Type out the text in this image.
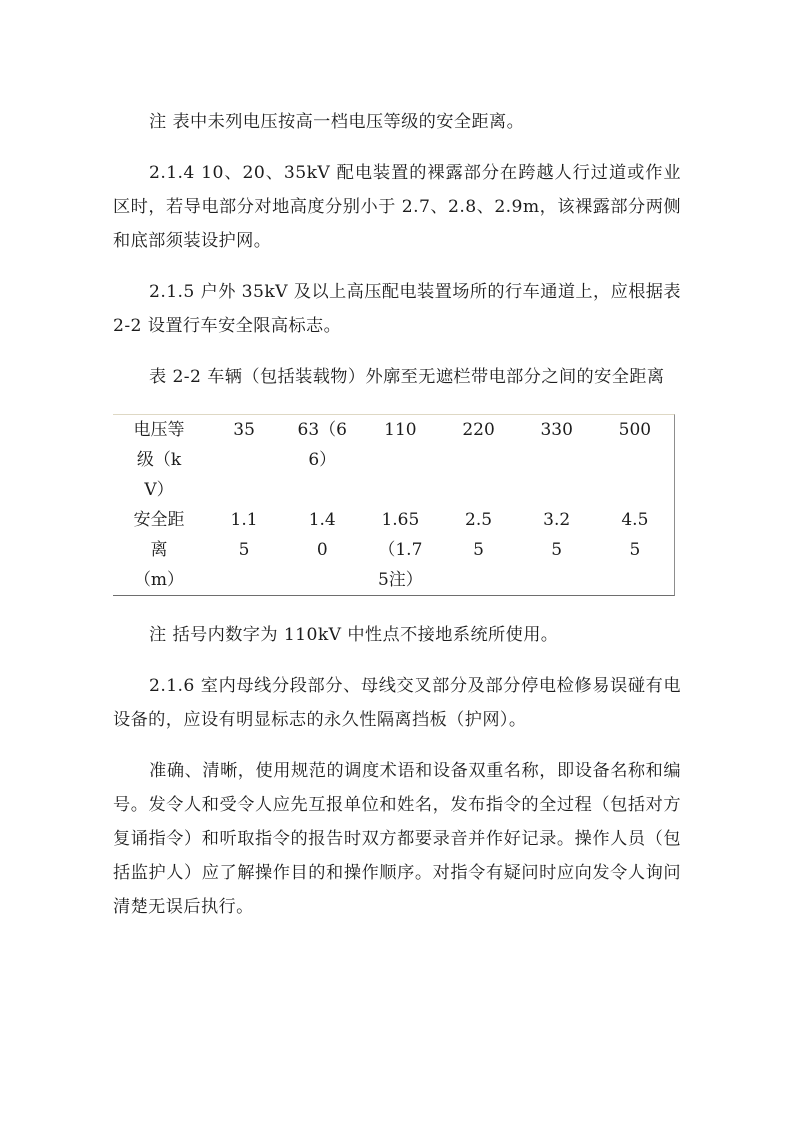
注 表中未列电压按高一档电压等级的安全距离。

2.1.4 10、20、35kV 配电装置的裸露部分在跨越人行过道或作业区时，若导电部分对地高度分别小于 2.7、2.8、2.9m，该裸露部分两侧和底部须装设护网。

2.1.5 户外 35kV 及以上高压配电装置场所的行车通道上，应根据表 2-2 设置行车安全限高标志。

表 2-2 车辆（包括装载物）外廓至无遮栏带电部分之间的安全距离

电压等级（kV）	35	63（66）	110	220	330	500
安全距离（m）	1.15	1.40	1.65（1.75注）	2.55	3.25	4.55

注 括号内数字为 110kV 中性点不接地系统所使用。

2.1.6 室内母线分段部分、母线交叉部分及部分停电检修易误碰有电设备的，应设有明显标志的永久性隔离挡板（护网）。

准确、清晰，使用规范的调度术语和设备双重名称，即设备名称和编号。发令人和受令人应先互报单位和姓名，发布指令的全过程（包括对方复诵指令）和听取指令的报告时双方都要录音并作好记录。操作人员（包括监护人）应了解操作目的和操作顺序。对指令有疑问时应向发令人询问清楚无误后执行。
